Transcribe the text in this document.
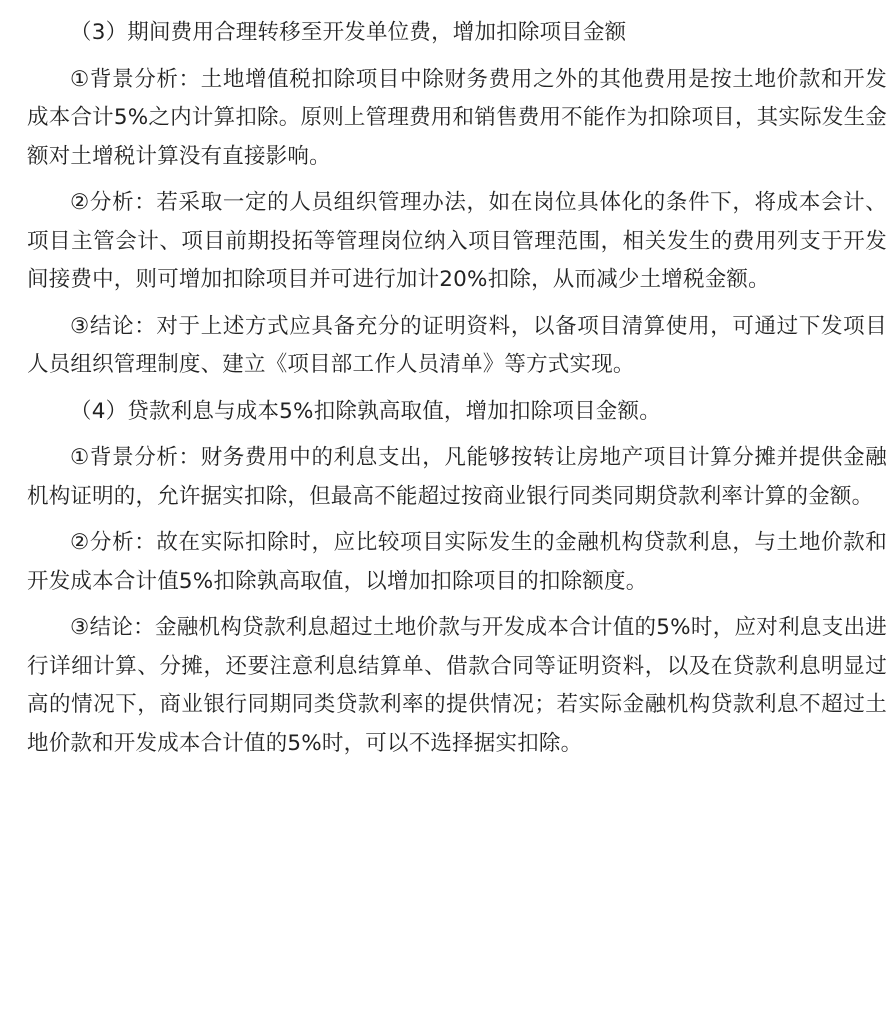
（3）期间费用合理转移至开发单位费，增加扣除项目金额

①背景分析：土地增值税扣除项目中除财务费用之外的其他费用是按土地价款和开发成本合计5%之内计算扣除。原则上管理费用和销售费用不能作为扣除项目，其实际发生金额对土增税计算没有直接影响。

②分析：若采取一定的人员组织管理办法，如在岗位具体化的条件下，将成本会计、项目主管会计、项目前期投拓等管理岗位纳入项目管理范围，相关发生的费用列支于开发间接费中，则可增加扣除项目并可进行加计20%扣除，从而减少土增税金额。

③结论：对于上述方式应具备充分的证明资料，以备项目清算使用，可通过下发项目人员组织管理制度、建立《项目部工作人员清单》等方式实现。

（4）贷款利息与成本5%扣除孰高取值，增加扣除项目金额。

①背景分析：财务费用中的利息支出，凡能够按转让房地产项目计算分摊并提供金融机构证明的，允许据实扣除，但最高不能超过按商业银行同类同期贷款利率计算的金额。

②分析：故在实际扣除时，应比较项目实际发生的金融机构贷款利息，与土地价款和开发成本合计值5%扣除孰高取值，以增加扣除项目的扣除额度。

③结论：金融机构贷款利息超过土地价款与开发成本合计值的5%时，应对利息支出进行详细计算、分摊，还要注意利息结算单、借款合同等证明资料，以及在贷款利息明显过高的情况下，商业银行同期同类贷款利率的提供情况；若实际金融机构贷款利息不超过土地价款和开发成本合计值的5%时，可以不选择据实扣除。
